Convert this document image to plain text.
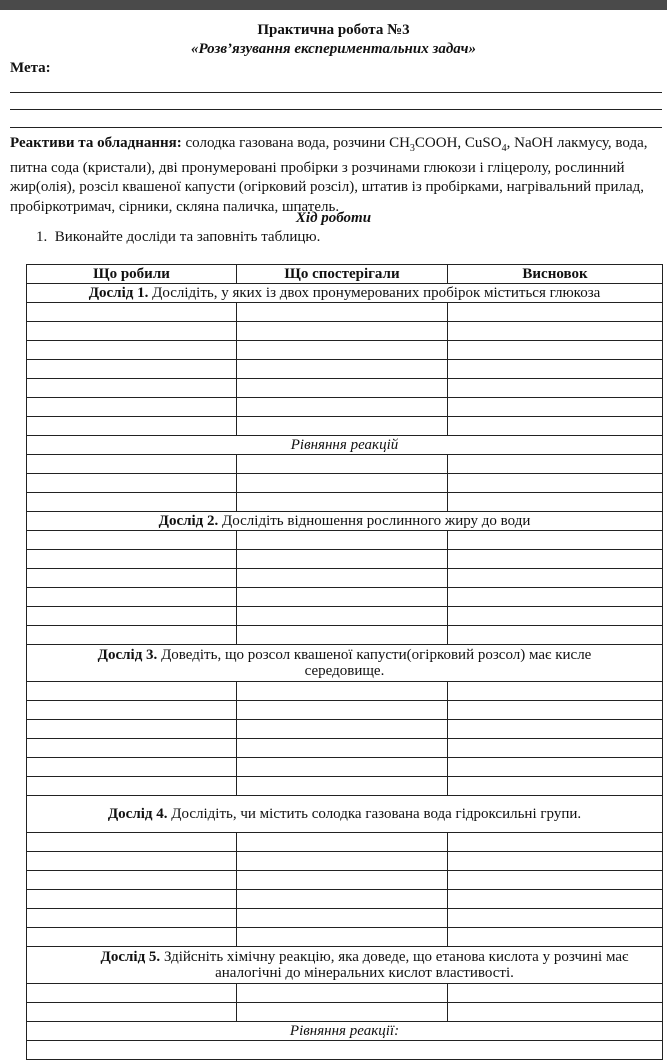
Практична робота №3
«Розв’язування експериментальних задач»
Мета:
Реактиви та обладнання: солодка газована вода, розчини $CH_3COOH$, CuSO$_4$, NaOH лакмусу, вода, питна сода (кристали), дві пронумеровані пробірки з розчинами глюкози і гліцеролу, рослинний жир(олія), розсіл квашеної капусти (огірковий розсіл), штатив із пробірками, нагрівальний прилад, пробіркотримач, сірники, скляна паличка, шпатель.
Хід роботи
1. Виконайте досліди та заповніть таблицю.
Що робили	Що спостерігали	Висновок
Дослід 1. Дослідіть, у яких із двох пронумерованих пробірок міститься глюкоза		

Рівняння реакцій		

Дослід 2. Дослідіть відношення рослинного жиру до води		

Дослід 3. Доведіть, що розсол квашеної капусти(огірковий розсол) має кисле середовище.		

Дослід 4. Дослідіть, чи містить солодка газована вода гідроксильні групи.		

Дослід 5. Здійсніть хімічну реакцію, яка доведе, що етанова кислота у розчині має аналогічні до мінеральних кислот властивості.		

Рівняння реакції:		
